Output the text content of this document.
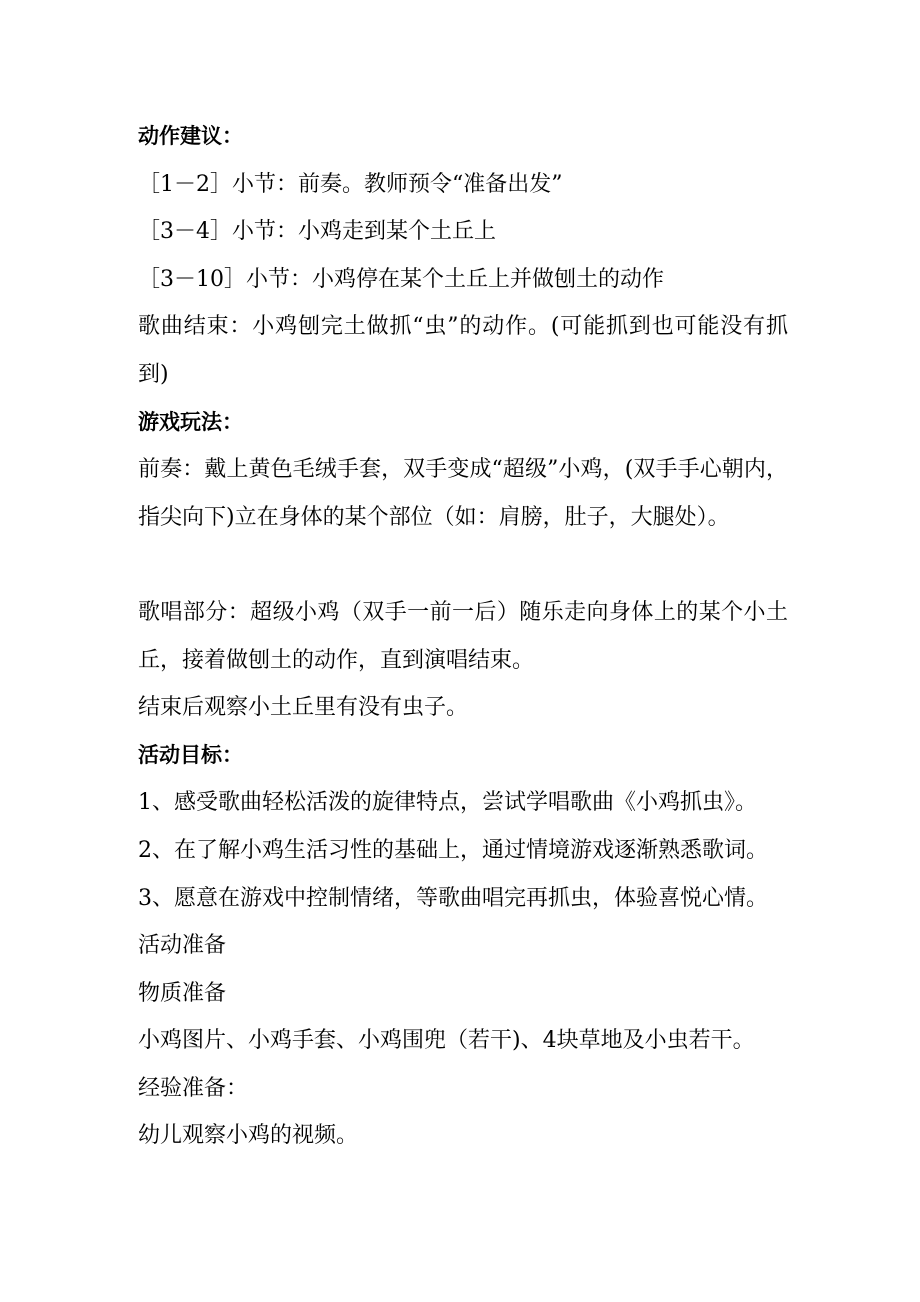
动作建议：
［1－2］小节：前奏。教师预令“准备出发”
［3－4］小节：小鸡走到某个土丘上
［3－10］小节：小鸡停在某个土丘上并做刨土的动作
歌曲结束：小鸡刨完土做抓“虫”的动作。(可能抓到也可能没有抓到)
游戏玩法：
前奏：戴上黄色毛绒手套，双手变成“超级”小鸡，(双手手心朝内，指尖向下)立在身体的某个部位（如：肩膀，肚子，大腿处）。
歌唱部分：超级小鸡（双手一前一后）随乐走向身体上的某个小土丘，接着做刨土的动作，直到演唱结束。
结束后观察小土丘里有没有虫子。
活动目标：
1、感受歌曲轻松活泼的旋律特点，尝试学唱歌曲《小鸡抓虫》。
2、在了解小鸡生活习性的基础上，通过情境游戏逐渐熟悉歌词。
3、愿意在游戏中控制情绪，等歌曲唱完再抓虫，体验喜悦心情。
活动准备
物质准备
小鸡图片、小鸡手套、小鸡围兜（若干)、4块草地及小虫若干。
经验准备：
幼儿观察小鸡的视频。
